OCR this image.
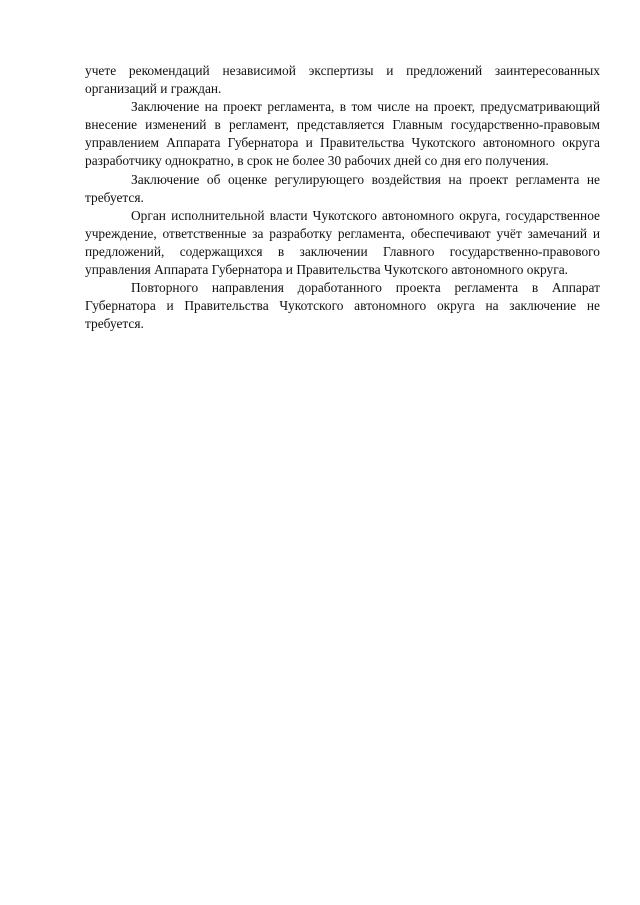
учете рекомендаций независимой экспертизы и предложений заинтересованных организаций и граждан.

Заключение на проект регламента, в том числе на проект, предусматривающий внесение изменений в регламент, представляется Главным государственно-правовым управлением Аппарата Губернатора и Правительства Чукотского автономного округа разработчику однократно, в срок не более 30 рабочих дней со дня его получения.

Заключение об оценке регулирующего воздействия на проект регламента не требуется.

Орган исполнительной власти Чукотского автономного округа, государственное учреждение, ответственные за разработку регламента, обеспечивают учёт замечаний и предложений, содержащихся в заключении Главного государственно-правового управления Аппарата Губернатора и Правительства Чукотского автономного округа.

Повторного направления доработанного проекта регламента в Аппарат Губернатора и Правительства Чукотского автономного округа на заключение не требуется.
